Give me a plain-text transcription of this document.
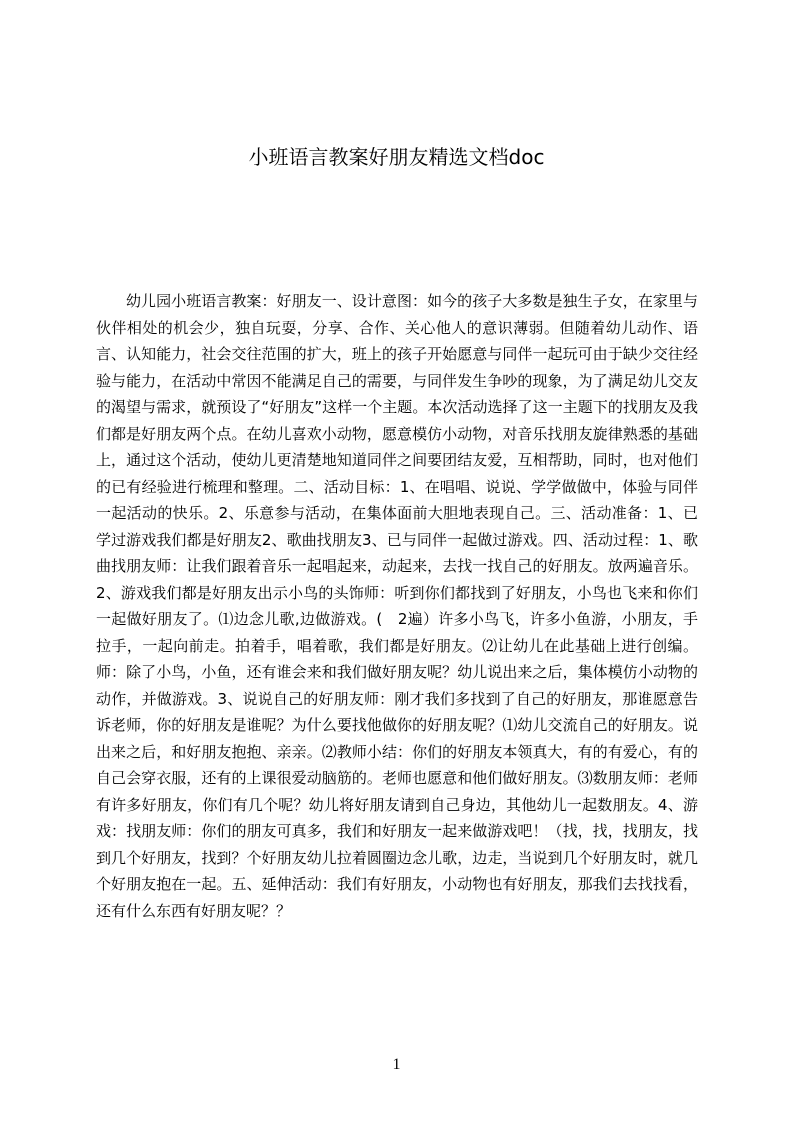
小班语言教案好朋友精选文档doc

幼儿园小班语言教案：好朋友一、设计意图：如今的孩子大多数是独生子女，在家里与伙伴相处的机会少，独自玩耍，分享、合作、关心他人的意识薄弱。但随着幼儿动作、语言、认知能力，社会交往范围的扩大，班上的孩子开始愿意与同伴一起玩可由于缺少交往经验与能力，在活动中常因不能满足自己的需要，与同伴发生争吵的现象，为了满足幼儿交友的渴望与需求，就预设了“好朋友”这样一个主题。本次活动选择了这一主题下的找朋友及我们都是好朋友两个点。在幼儿喜欢小动物，愿意模仿小动物，对音乐找朋友旋律熟悉的基础上，通过这个活动，使幼儿更清楚地知道同伴之间要团结友爱，互相帮助，同时，也对他们的已有经验进行梳理和整理。二、活动目标：1、在唱唱、说说、学学做做中，体验与同伴一起活动的快乐。2、乐意参与活动，在集体面前大胆地表现自己。三、活动准备：1、已学过游戏我们都是好朋友2、歌曲找朋友3、已与同伴一起做过游戏。四、活动过程：1、歌曲找朋友师：让我们跟着音乐一起唱起来，动起来，去找一找自己的好朋友。放两遍音乐。2、游戏我们都是好朋友出示小鸟的头饰师：听到你们都找到了好朋友，小鸟也飞来和你们一起做好朋友了。⑴边念儿歌,边做游戏。(　2遍）许多小鸟飞，许多小鱼游，小朋友，手拉手，一起向前走。拍着手，唱着歌，我们都是好朋友。⑵让幼儿在此基础上进行创编。师：除了小鸟，小鱼，还有谁会来和我们做好朋友呢？幼儿说出来之后，集体模仿小动物的动作，并做游戏。3、说说自己的好朋友师：刚才我们多找到了自己的好朋友，那谁愿意告诉老师，你的好朋友是谁呢？为什么要找他做你的好朋友呢？⑴幼儿交流自己的好朋友。说出来之后，和好朋友抱抱、亲亲。⑵教师小结：你们的好朋友本领真大，有的有爱心，有的自己会穿衣服，还有的上课很爱动脑筋的。老师也愿意和他们做好朋友。⑶数朋友师：老师有许多好朋友，你们有几个呢？幼儿将好朋友请到自己身边，其他幼儿一起数朋友。4、游戏：找朋友师：你们的朋友可真多，我们和好朋友一起来做游戏吧！（找，找，找朋友，找到几个好朋友，找到？个好朋友幼儿拉着圆圈边念儿歌，边走，当说到几个好朋友时，就几个好朋友抱在一起。五、延伸活动：我们有好朋友，小动物也有好朋友，那我们去找找看，还有什么东西有好朋友呢？？

1
